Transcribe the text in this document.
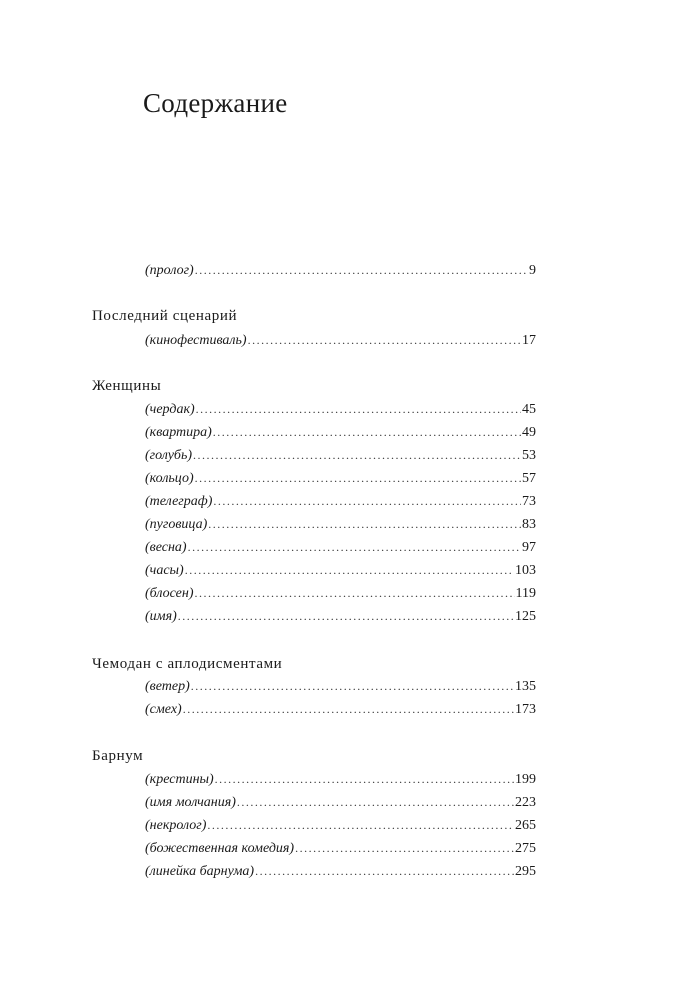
Содержание
(пролог) .....	9
Последний сценарий
(кинофестиваль) .....	17
Женщины
(чердак) .....	45
(квартира) .....	49
(голубь) .....	53
(кольцо) .....	57
(телеграф) .....	73
(пуговица) .....	83
(весна) .....	97
(часы) .....	103
(блосен) .....	119
(имя) .....	125
Чемодан с аплодисментами
(ветер) .....	135
(смех) .....	173
Барнум
(крестины) .....	199
(имя молчания) .....	223
(некролог) .....	265
(божественная комедия) .....	275
(линейка барнума) .....	295
